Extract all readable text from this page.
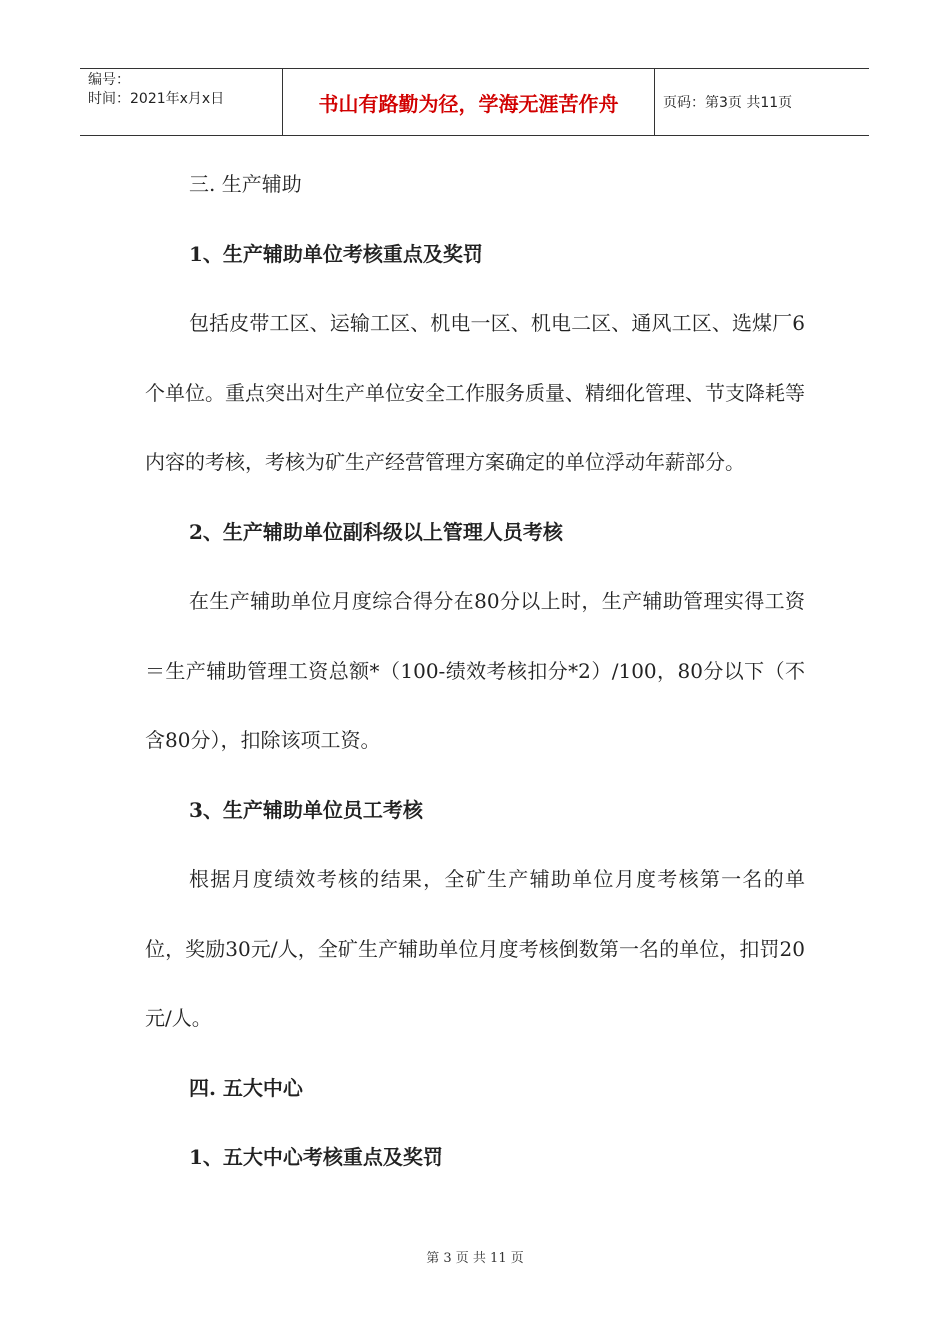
编号：
时间：2021年x月x日	书山有路勤为径，学海无涯苦作舟	页码：第3页 共11页

三. 生产辅助

1、生产辅助单位考核重点及奖罚

包括皮带工区、运输工区、机电一区、机电二区、通风工区、选煤厂6个单位。重点突出对生产单位安全工作服务质量、精细化管理、节支降耗等内容的考核，考核为矿生产经营管理方案确定的单位浮动年薪部分。

2、生产辅助单位副科级以上管理人员考核

在生产辅助单位月度综合得分在80分以上时，生产辅助管理实得工资＝生产辅助管理工资总额*（100-绩效考核扣分*2）/100，80分以下（不含80分），扣除该项工资。

3、生产辅助单位员工考核

根据月度绩效考核的结果，全矿生产辅助单位月度考核第一名的单位，奖励30元/人，全矿生产辅助单位月度考核倒数第一名的单位，扣罚20元/人。

四. 五大中心

1、五大中心考核重点及奖罚

第 3 页 共 11 页
